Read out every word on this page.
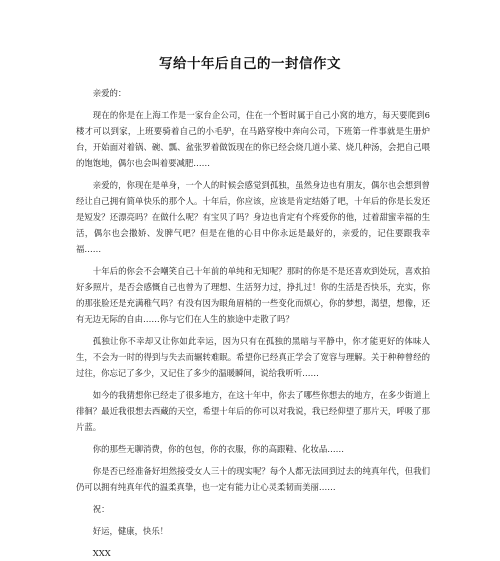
写给十年后自己的一封信作文

亲爱的：

现在的你是在上海工作是一家台企公司，住在一个暂时属于自己小窝的地方，每天要爬到6楼才可以到家，上班要骑着自己的小毛驴，在马路穿梭中奔向公司，下班第一件事就是生册炉台，开始面对着锅、碗、瓢、盆张罗着做饭现在的你已经会烧几道小菜、烧几种汤，会把自己喂的饱饱地，偶尔也会叫着要减肥……

亲爱的，你现在是单身，一个人的时候会感觉到孤独，虽然身边也有朋友，偶尔也会想到曾经让自己拥有简单快乐的那个人。十年后，你应该，应该是肯定结婚了吧，十年后的你是长发还是短发？还漂亮吗？在做什么呢？有宝贝了吗？身边也肯定有个疼爱你的他，过着甜蜜幸福的生活，偶尔也会撒娇、发脾气吧？但是在他的心目中你永远是最好的，亲爱的，记住要跟我幸福……

十年后的你会不会嘲笑自己十年前的单纯和无知呢？那时的你是不是还喜欢到处玩，喜欢拍好多照片，是否会感慨自己也曾为了理想、生活努力过，挣扎过！你的生活是否快乐，充实，你的那张脸还是充满稚气吗？有没有因为眼角眉梢的一些变化而烦心，你的梦想，渴望，想像，还有无边无际的自由……你与它们在人生的旅途中走散了吗？

孤独让你不幸却又让你如此幸运，因为只有在孤独的黑暗与平静中，你才能更好的体味人生，不会为一时的得到与失去而辗转难眠。希望你已经真正学会了宽容与理解。关于种种曾经的过往，你忘记了多少，又记住了多少的温暖瞬间，说给我听听……

如今的我猜想你已经走了很多地方，在这十年中，你去了哪些你想去的地方，在多少街道上徘徊？最近我很想去西藏的天空，希望十年后的你可以对我说，我已经仰望了那片天，呼吸了那片蓝。

你的那些无聊消费，你的包包，你的衣服，你的高跟鞋、化妆品……

你是否已经准备好坦然接受女人三十的现实呢？每个人都无法回到过去的纯真年代，但我们仍可以拥有纯真年代的温柔真挚，也一定有能力让心灵柔韧而美丽……

祝：

好运，健康，快乐！

XXX
